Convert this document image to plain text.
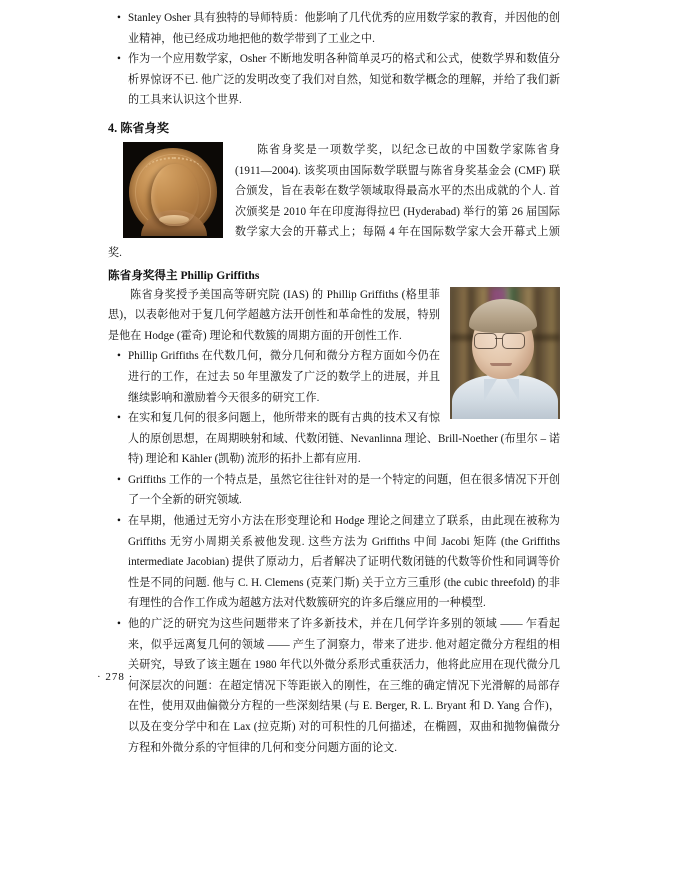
• Stanley Osher 具有独特的导师特质：他影响了几代优秀的应用数学家的教育，并因他的创业精神，他已经成功地把他的数学带到了工业之中.
• 作为一个应用数学家，Osher 不断地发明各种简单灵巧的格式和公式，使数学界和数值分析界惊讶不已. 他广泛的发明改变了我们对自然，知觉和数学概念的理解，并给了我们新的工具来认识这个世界.
4. 陈省身奖

陈省身奖是一项数学奖，以纪念已故的中国数学家陈省身 (1911—2004). 该奖项由国际数学联盟与陈省身奖基金会 (CMF) 联合颁发，旨在表彰在数学领域取得最高水平的杰出成就的个人. 首次颁奖是 2010 年在印度海得拉巴 (Hyderabad) 举行的第 26 届国际数学家大会的开幕式上；每隔 4 年在国际数学家大会开幕式上颁奖.

陈省身奖得主 Phillip Griffiths

陈省身奖授予美国高等研究院 (IAS) 的 Phillip Griffiths (格里菲思)，以表彰他对于复几何学超越方法开创性和革命性的发展，特别是他在 Hodge (霍奇) 理论和代数簇的周期方面的开创性工作.

• Phillip Griffiths 在代数几何，微分几何和微分方程方面如今仍在进行的工作，在过去 50 年里激发了广泛的数学上的进展，并且继续影响和激励着今天很多的研究工作.
• 在实和复几何的很多问题上，他所带来的既有古典的技术又有惊人的原创思想，在周期映射和域、代数闭链、Nevanlinna 理论、Brill-Noether (布里尔 – 诺特) 理论和 Kähler (凯勒) 流形的拓扑上都有应用.
• Griffiths 工作的一个特点是，虽然它往往针对的是一个特定的问题，但在很多情况下开创了一个全新的研究领域.
• 在早期，他通过无穷小方法在形变理论和 Hodge 理论之间建立了联系，由此现在被称为 Griffiths 无穷小周期关系被他发现. 这些方法为 Griffiths 中间 Jacobi 矩阵 (the Griffiths intermediate Jacobian) 提供了原动力，后者解决了证明代数闭链的代数等价性和同调等价性是不同的问题. 他与 C. H. Clemens (克莱门斯) 关于立方三重形 (the cubic threefold) 的非有理性的合作工作成为超越方法对代数簇研究的许多后继应用的一种模型.
• 他的广泛的研究为这些问题带来了许多新技术，并在几何学许多别的领域 —— 乍看起来，似乎远离复几何的领域 —— 产生了洞察力，带来了进步. 他对超定微分方程组的相关研究，导致了该主题在 1980 年代以外微分系形式重获活力，他将此应用在现代微分几何深层次的问题：在超定情况下等距嵌入的刚性，在三维的确定情况下光滑解的局部存在性，使用双曲偏微分方程的一些深刻结果 (与 E. Berger, R. L. Bryant 和 D. Yang 合作)，以及在变分学中和在 Lax (拉克斯) 对的可积性的几何描述，在椭圆，双曲和抛物偏微分方程和外微分系的守恒律的几何和变分问题方面的论文.
· 278 ·
